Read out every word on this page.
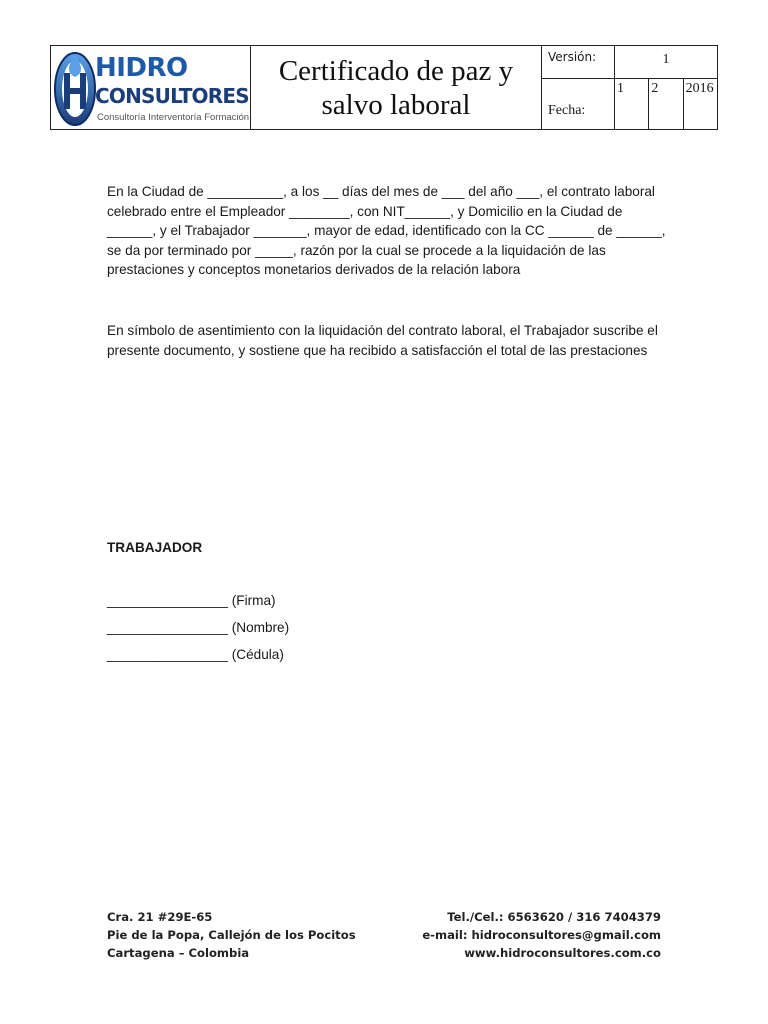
HIDRO
CONSULTORES
Consultoría Interventoría Formación	Certificado de paz y salvo laboral	Versión:	1		
		Fecha:	1	2	2016
En la Ciudad de __________, a los __ días del mes de ___ del año ___, el contrato laboral celebrado entre el Empleador ________, con NIT______, y Domicilio en la Ciudad de ______, y el Trabajador _______, mayor de edad, identificado con la CC ______ de ______, se da por terminado por _____, razón por la cual se procede a la liquidación de las prestaciones y conceptos monetarios derivados de la relación labora
En símbolo de asentimiento con la liquidación del contrato laboral, el Trabajador suscribe el presente documento, y sostiene que ha recibido a satisfacción el total de las prestaciones
TRABAJADOR
________________ (Firma)
________________ (Nombre)
________________ (Cédula)
Cra. 21 #29E-65
Pie de la Popa, Callejón de los Pocitos
Cartagena – Colombia
Tel./Cel.: 6563620 / 316 7404379
e-mail: hidroconsultores@gmail.com
www.hidroconsultores.com.co
